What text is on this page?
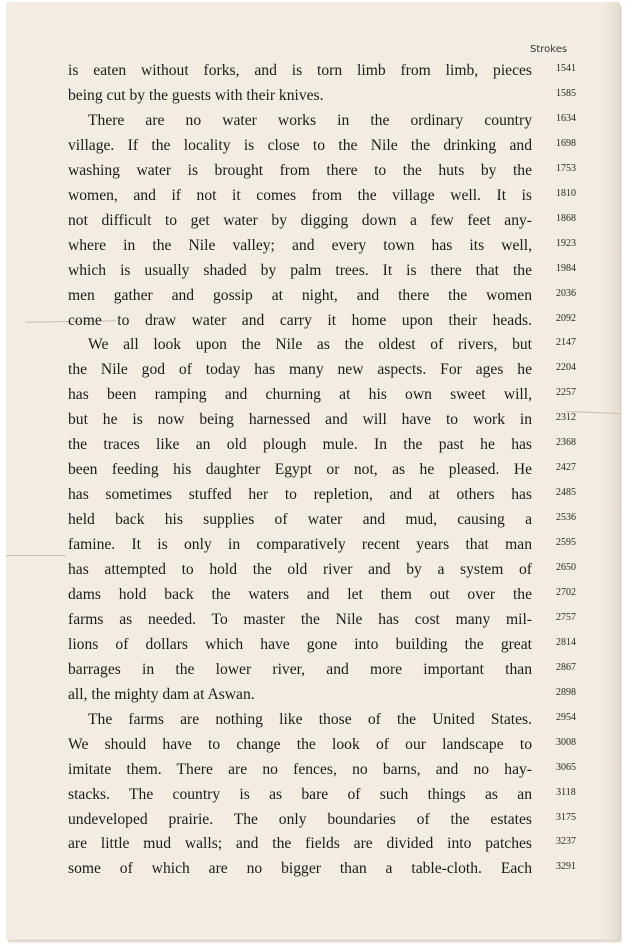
Strokes
is eaten without forks, and is torn limb from limb, pieces	1541
being cut by the guests with their knives.	1585
There are no water works in the ordinary country	1634
village. If the locality is close to the Nile the drinking and	1698
washing water is brought from there to the huts by the	1753
women, and if not it comes from the village well. It is	1810
not difficult to get water by digging down a few feet any-	1868
where in the Nile valley; and every town has its well,	1923
which is usually shaded by palm trees. It is there that the	1984
men gather and gossip at night, and there the women	2036
come to draw water and carry it home upon their heads.	2092
We all look upon the Nile as the oldest of rivers, but	2147
the Nile god of today has many new aspects. For ages he	2204
has been ramping and churning at his own sweet will,	2257
but he is now being harnessed and will have to work in	2312
the traces like an old plough mule. In the past he has	2368
been feeding his daughter Egypt or not, as he pleased. He	2427
has sometimes stuffed her to repletion, and at others has	2485
held back his supplies of water and mud, causing a	2536
famine. It is only in comparatively recent years that man	2595
has attempted to hold the old river and by a system of	2650
dams hold back the waters and let them out over the	2702
farms as needed. To master the Nile has cost many mil-	2757
lions of dollars which have gone into building the great	2814
barrages in the lower river, and more important than	2867
all, the mighty dam at Aswan.	2898
The farms are nothing like those of the United States.	2954
We should have to change the look of our landscape to	3008
imitate them. There are no fences, no barns, and no hay-	3065
stacks. The country is as bare of such things as an	3118
undeveloped prairie. The only boundaries of the estates	3175
are little mud walls; and the fields are divided into patches	3237
some of which are no bigger than a table-cloth. Each	3291
